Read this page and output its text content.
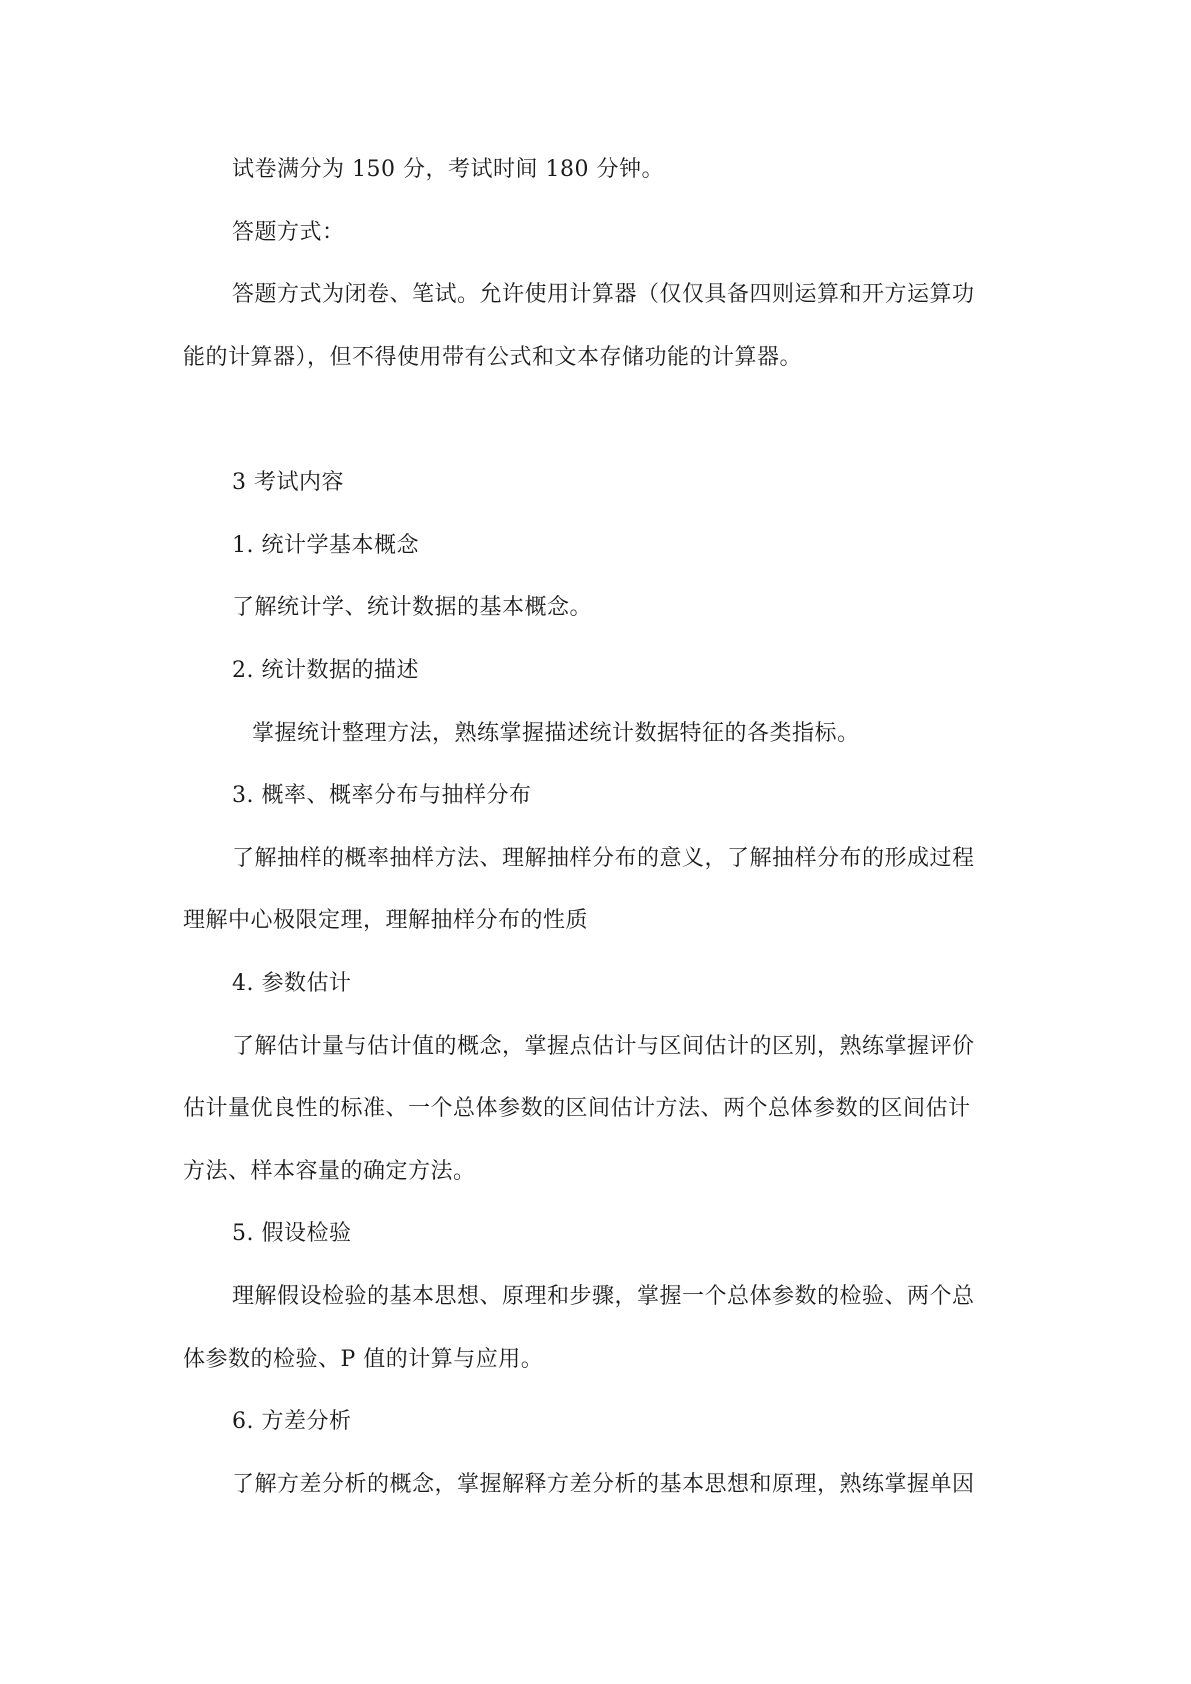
试卷满分为 150 分，考试时间 180 分钟。
答题方式：
答题方式为闭卷、笔试。允许使用计算器（仅仅具备四则运算和开方运算功
能的计算器），但不得使用带有公式和文本存储功能的计算器。
3 考试内容
1. 统计学基本概念
了解统计学、统计数据的基本概念。
2. 统计数据的描述
掌握统计整理方法，熟练掌握描述统计数据特征的各类指标。
3. 概率、概率分布与抽样分布
了解抽样的概率抽样方法、理解抽样分布的意义，了解抽样分布的形成过程
理解中心极限定理，理解抽样分布的性质
4. 参数估计
了解估计量与估计值的概念，掌握点估计与区间估计的区别，熟练掌握评价
估计量优良性的标准、一个总体参数的区间估计方法、两个总体参数的区间估计
方法、样本容量的确定方法。
5. 假设检验
理解假设检验的基本思想、原理和步骤，掌握一个总体参数的检验、两个总
体参数的检验、P 值的计算与应用。
6. 方差分析
了解方差分析的概念，掌握解释方差分析的基本思想和原理，熟练掌握单因
